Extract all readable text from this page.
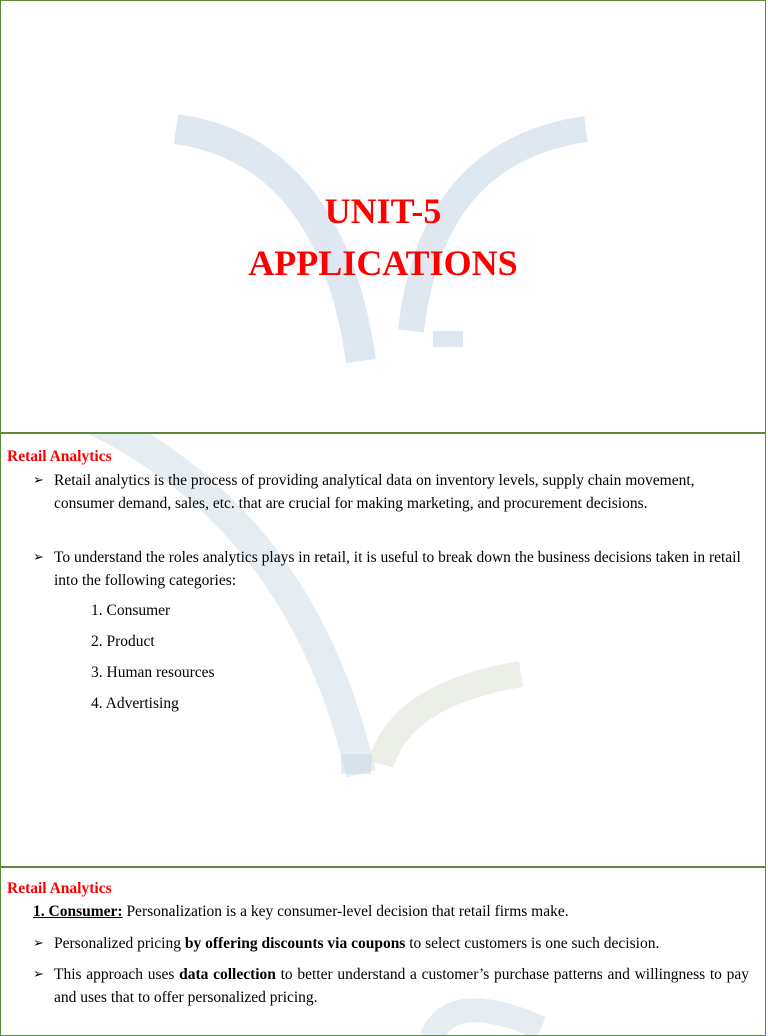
UNIT-5
APPLICATIONS
Retail Analytics
➢ Retail analytics is the process of providing analytical data on inventory levels, supply chain movement, consumer demand, sales, etc. that are crucial for making marketing, and procurement decisions.
➢ To understand the roles analytics plays in retail, it is useful to break down the business decisions taken in retail into the following categories:
1. Consumer
2. Product
3. Human resources
4. Advertising
Retail Analytics
1. Consumer: Personalization is a key consumer-level decision that retail firms make.
➢ Personalized pricing by offering discounts via coupons to select customers is one such decision.
➢ This approach uses data collection to better understand a customer’s purchase patterns and willingness to pay and uses that to offer personalized pricing.
